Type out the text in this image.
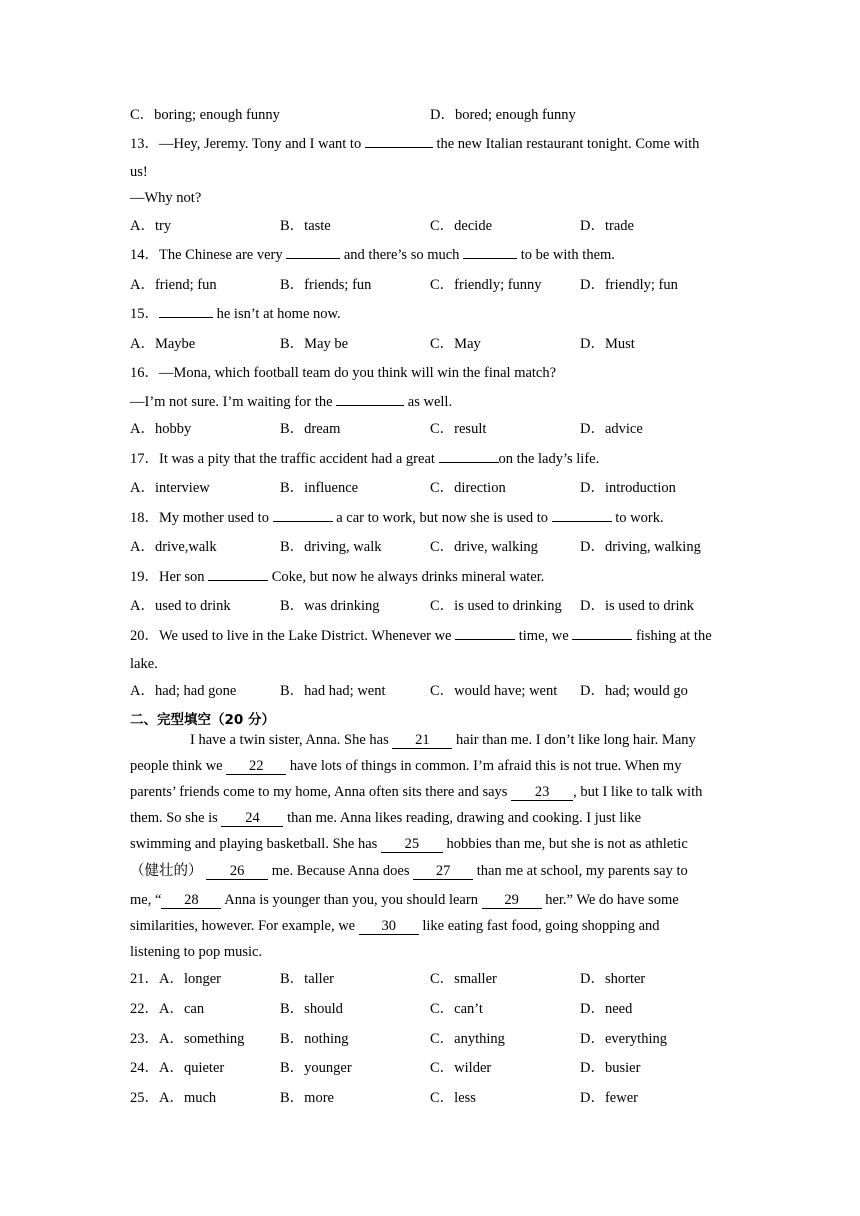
C．boring; enough funny	D．bored; enough funny
13．—Hey, Jeremy. Tony and I want to	the new Italian restaurant tonight. Come with
us!
—Why not?
A．try	B．taste	C．decide	D．trade
14．The Chinese are very	and there’s so much	to be with them.
A．friend; fun	B．friends; fun	C．friendly; funny	D．friendly; fun
15．	he isn’t at home now.
A．Maybe	B．May be	C．May	D．Must
16．—Mona, which football team do you think will win the final match?
—I’m not sure. I’m waiting for the	as well.
A．hobby	B．dream	C．result	D．advice
17．It was a pity that the traffic accident had a great	on the lady’s life.
A．interview	B．influence	C．direction	D．introduction
18．My mother used to	a car to work, but now she is used to	to work.
A．drive,walk	B．driving, walk	C．drive, walking	D．driving, walking
19．Her son	Coke, but now he always drinks mineral water.
A．used to drink	B．was drinking	C．is used to drinking D．is used to drink
20．We used to live in the Lake District. Whenever we	time, we	fishing at the
lake.
A．had; had gone	B．had had; went	C．would have; went D．had; would go
二、完型填空（20 分）
I have a twin sister, Anna. She has 21 hair than me. I don’t like long hair. Many
people think we 22 have lots of things in common. I’m afraid this is not true. When my
parents’ friends come to my home, Anna often sits there and says 23 , but I like to talk with
them. So she is 24 than me. Anna likes reading, drawing and cooking. I just like
swimming and playing basketball. She has 25 hobbies than me, but she is not as athletic
（健壮的） 26 me. Because Anna does 27 than me at school, my parents say to
me, “ 28 Anna is younger than you, you should learn 29 her.” We do have some
similarities, however. For example, we 30 like eating fast food, going shopping and
listening to pop music.
21．A．longer	B．taller	C．smaller	D．shorter
22．A．can	B．should	C．can’t	D．need
23．A．something B．nothing	C．anything	D．everything
24．A．quieter	B．younger	C．wilder	D．busier
25．A．much	B．more	C．less	D．fewer
